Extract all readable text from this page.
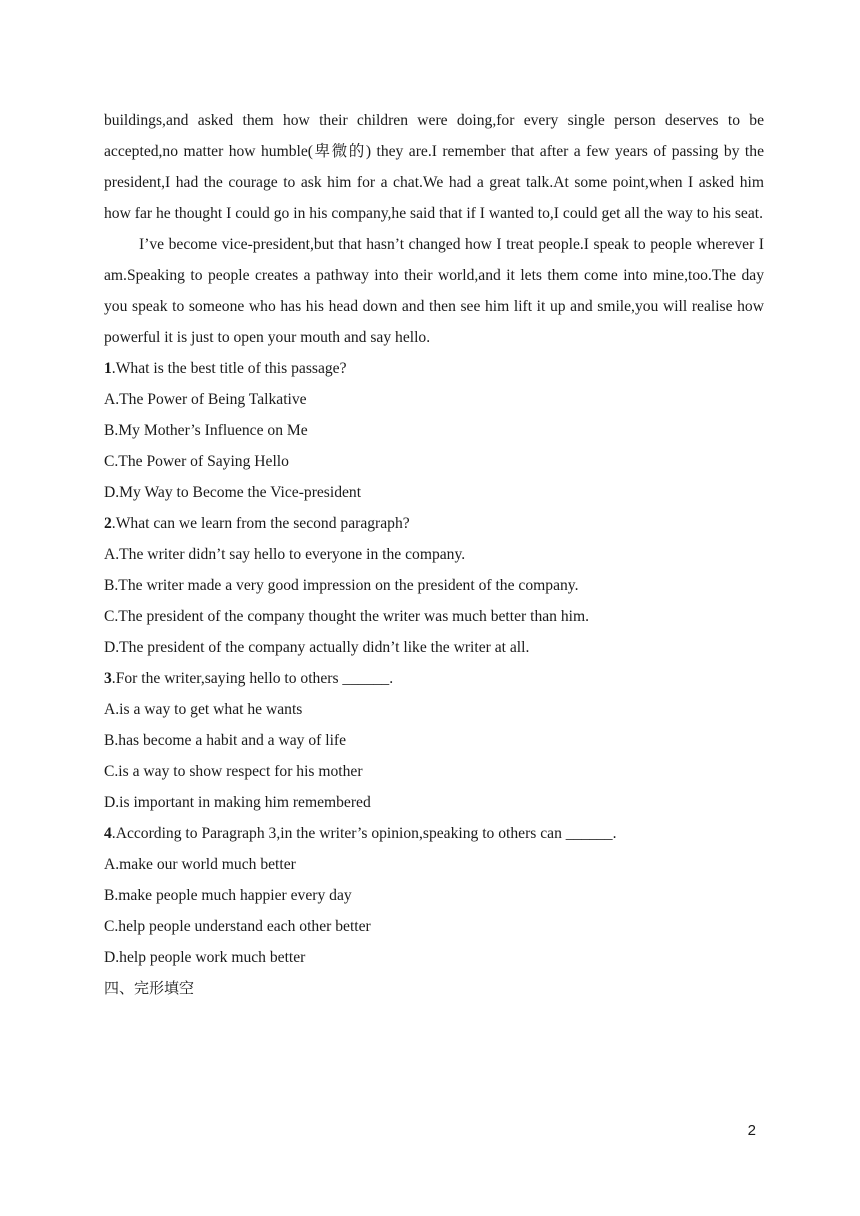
buildings,and asked them how their children were doing,for every single person deserves to be accepted,no matter how humble(卑微的) they are.I remember that after a few years of passing by the president,I had the courage to ask him for a chat.We had a great talk.At some point,when I asked him how far he thought I could go in his company,he said that if I wanted to,I could get all the way to his seat.

I’ve become vice-president,but that hasn’t changed how I treat people.I speak to people wherever I am.Speaking to people creates a pathway into their world,and it lets them come into mine,too.The day you speak to someone who has his head down and then see him lift it up and smile,you will realise how powerful it is just to open your mouth and say hello.

1.What is the best title of this passage?

A.The Power of Being Talkative

B.My Mother’s Influence on Me

C.The Power of Saying Hello

D.My Way to Become the Vice-president

2.What can we learn from the second paragraph?

A.The writer didn’t say hello to everyone in the company.

B.The writer made a very good impression on the president of the company.

C.The president of the company thought the writer was much better than him.

D.The president of the company actually didn’t like the writer at all.

3.For the writer,saying hello to others ______.

A.is a way to get what he wants

B.has become a habit and a way of life

C.is a way to show respect for his mother

D.is important in making him remembered

4.According to Paragraph 3,in the writer’s opinion,speaking to others can ______.

A.make our world much better

B.make people much happier every day

C.help people understand each other better

D.help people work much better

四、完形填空

2
